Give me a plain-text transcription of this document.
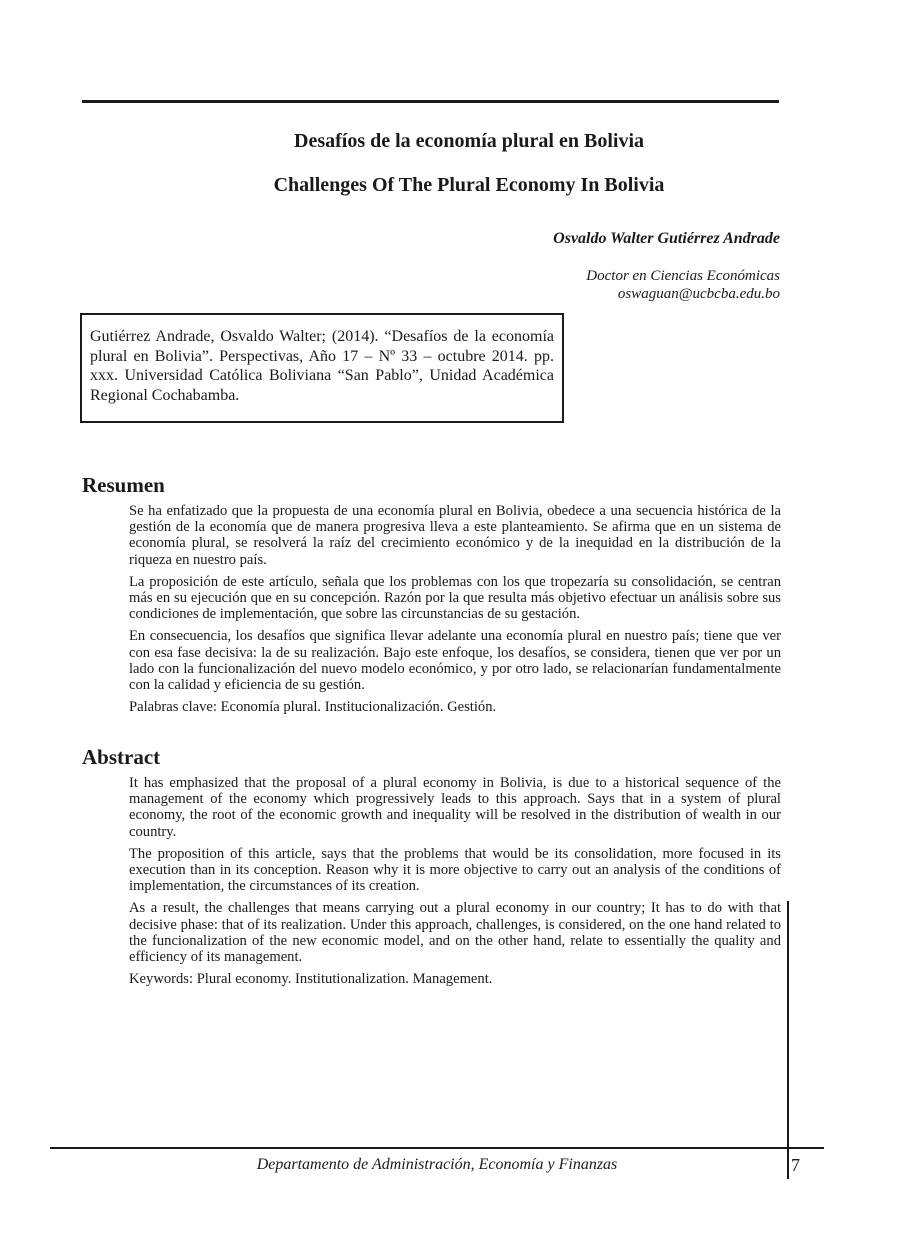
Desafíos de la economía plural en Bolivia
Challenges Of The Plural Economy In Bolivia
Osvaldo Walter Gutiérrez Andrade
Doctor en Ciencias Económicas
oswaguan@ucbcba.edu.bo
Gutiérrez Andrade, Osvaldo Walter; (2014). “Desafíos de la economía plural en Bolivia”. Perspectivas, Año 17 – Nº 33 – octubre 2014. pp. xxx. Universidad Católica Boliviana “San Pablo”, Unidad Académica Regional Cochabamba.
Resumen

Se ha enfatizado que la propuesta de una economía plural en Bolivia, obedece a una secuencia histórica de la gestión de la economía que de manera progresiva lleva a este planteamiento. Se afirma que en un sistema de economía plural, se resolverá la raíz del crecimiento económico y de la inequidad en la distribución de la riqueza en nuestro país.

La proposición de este artículo, señala que los problemas con los que tropezaría su consolidación, se centran más en su ejecución que en su concepción. Razón por la que resulta más objetivo efectuar un análisis sobre sus condiciones de implementación, que sobre las circunstancias de su gestación.

En consecuencia, los desafíos que significa llevar adelante una economía plural en nuestro país; tiene que ver con esa fase decisiva: la de su realización. Bajo este enfoque, los desafíos, se considera, tienen que ver por un lado con la funcionalización del nuevo modelo económico, y por otro lado, se relacionarían fundamentalmente con la calidad y eficiencia de su gestión.

Palabras clave: Economía plural. Institucionalización. Gestión.

Abstract

It has emphasized that the proposal of a plural economy in Bolivia, is due to a historical sequence of the management of the economy which progressively leads to this approach. Says that in a system of plural economy, the root of the economic growth and inequality will be resolved in the distribution of wealth in our country.

The proposition of this article, says that the problems that would be its consolidation, more focused in its execution than in its conception. Reason why it is more objective to carry out an analysis of the conditions of implementation, the circumstances of its creation.

As a result, the challenges that means carrying out a plural economy in our country; It has to do with that decisive phase: that of its realization. Under this approach, challenges, is considered, on the one hand related to the funcionalization of the new economic model, and on the other hand, relate to essentially the quality and efficiency of its management.

Keywords: Plural economy. Institutionalization. Management.

Departamento de Administración, Economía y Finanzas	7
